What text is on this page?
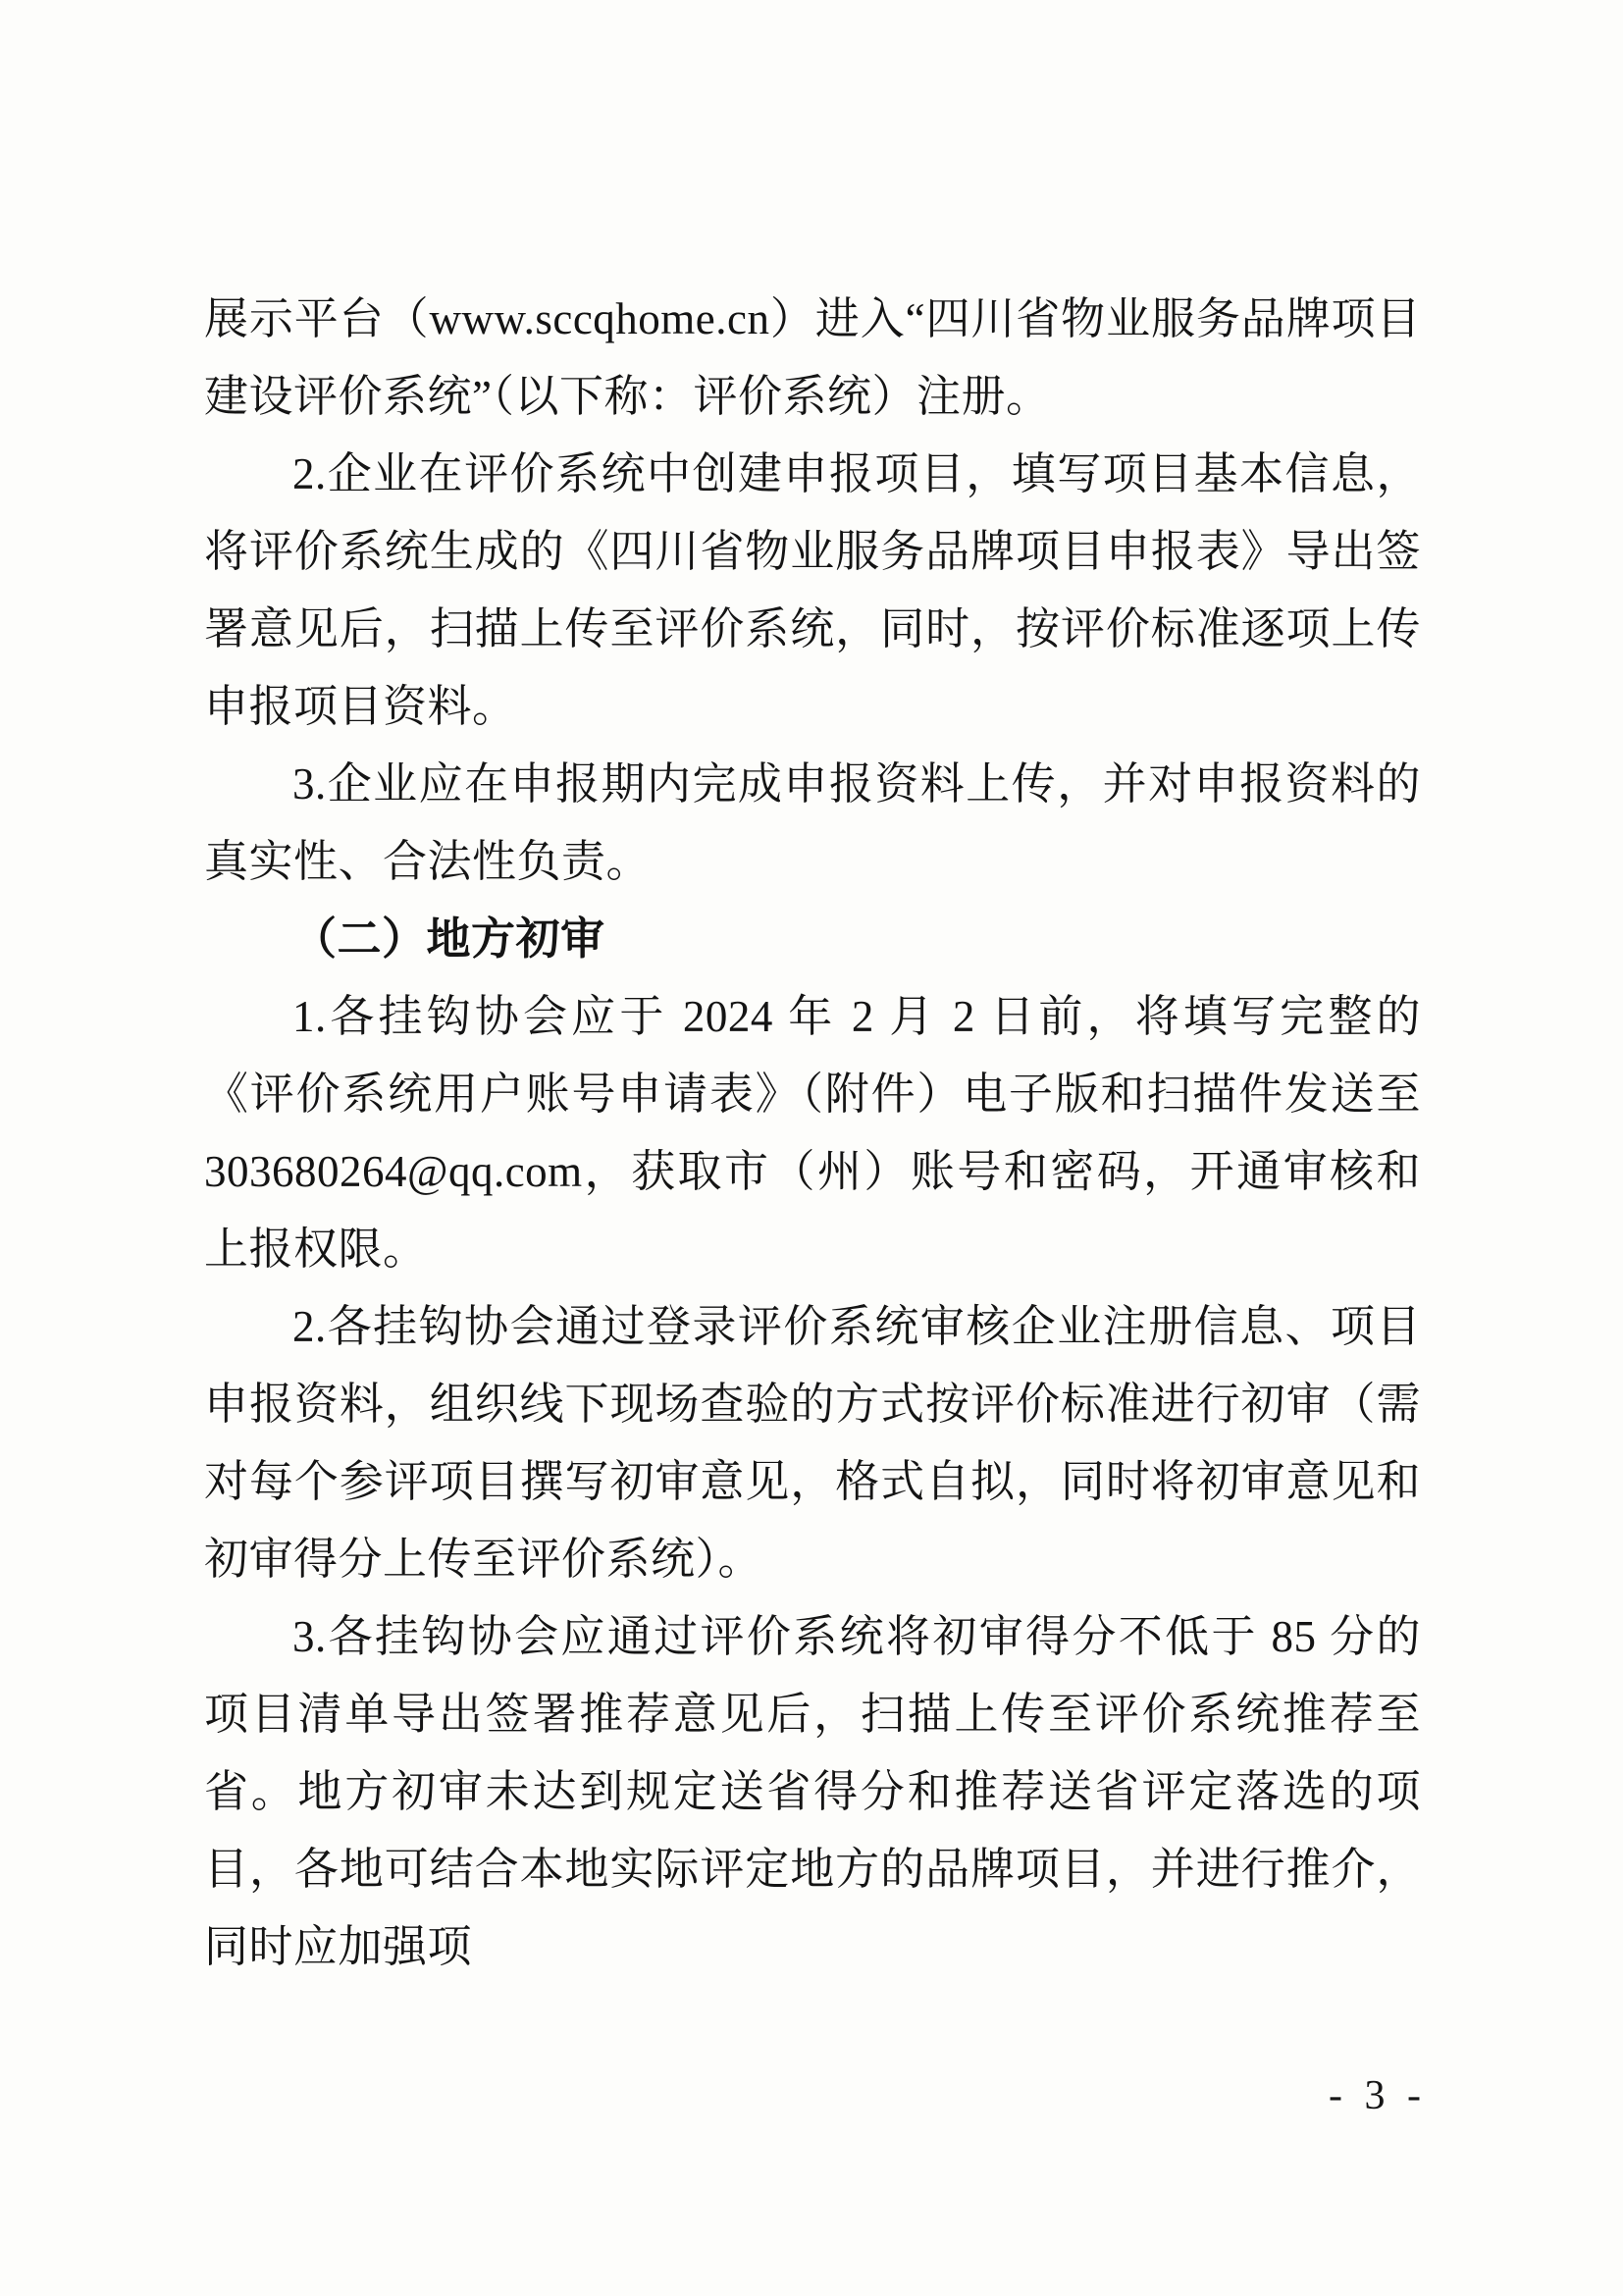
展示平台（www.sccqhome.cn）进入“四川省物业服务品牌项目建设评价系统”（以下称：评价系统）注册。

2.企业在评价系统中创建申报项目，填写项目基本信息，将评价系统生成的《四川省物业服务品牌项目申报表》导出签署意见后，扫描上传至评价系统，同时，按评价标准逐项上传申报项目资料。

3.企业应在申报期内完成申报资料上传，并对申报资料的真实性、合法性负责。

（二）地方初审

1.各挂钩协会应于 2024 年 2 月 2 日前，将填写完整的《评价系统用户账号申请表》（附件）电子版和扫描件发送至303680264@qq.com，获取市（州）账号和密码，开通审核和上报权限。

2.各挂钩协会通过登录评价系统审核企业注册信息、项目申报资料，组织线下现场查验的方式按评价标准进行初审（需对每个参评项目撰写初审意见，格式自拟，同时将初审意见和初审得分上传至评价系统）。

3.各挂钩协会应通过评价系统将初审得分不低于 85 分的项目清单导出签署推荐意见后，扫描上传至评价系统推荐至省。地方初审未达到规定送省得分和推荐送省评定落选的项目，各地可结合本地实际评定地方的品牌项目，并进行推介，同时应加强项

- 3 -
